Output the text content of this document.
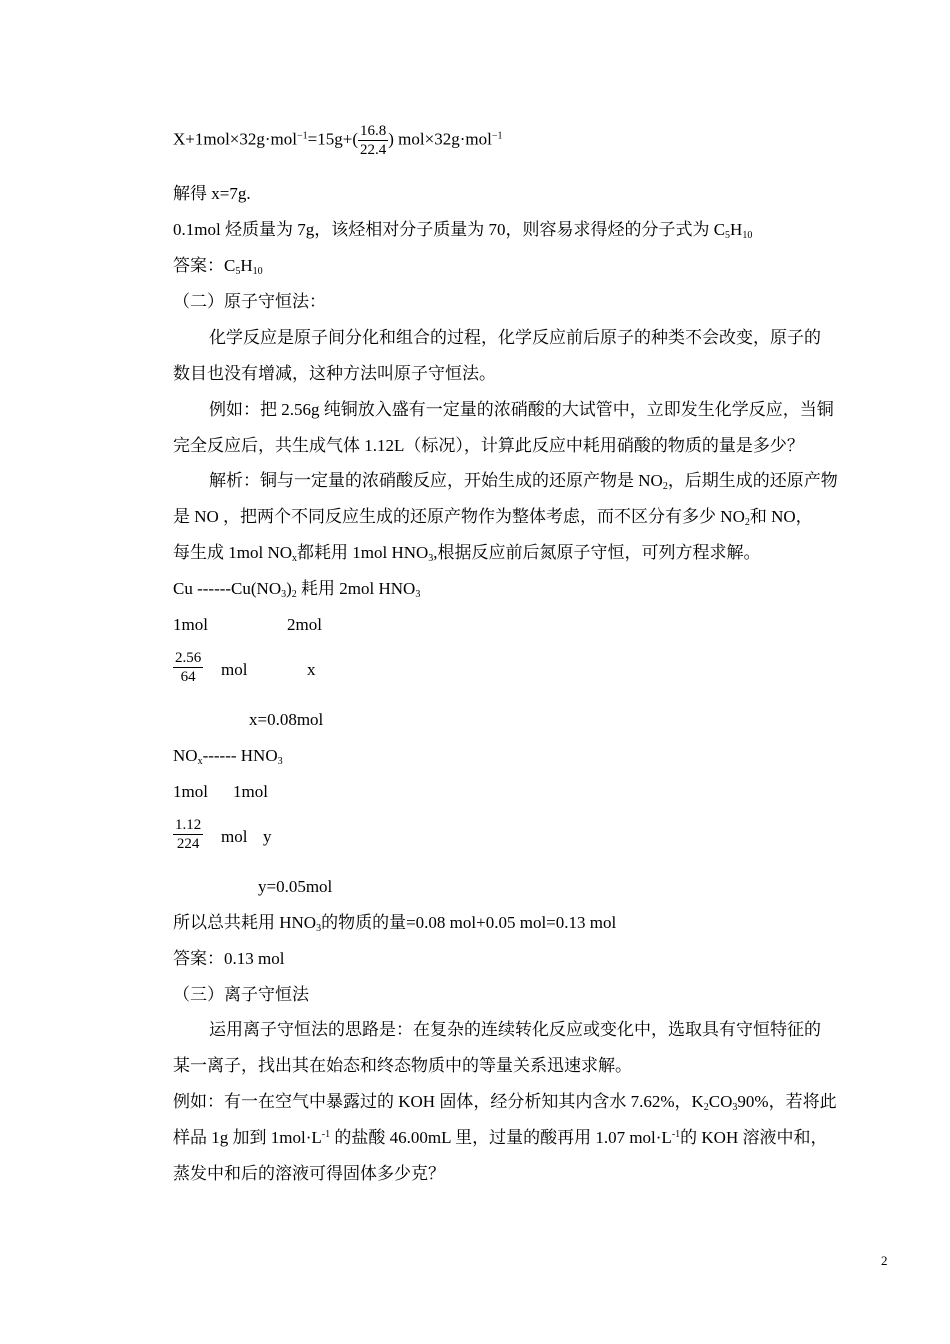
$X+1mol\times 32g\cdot mol^{-1}=15g+( \frac{16.8}{22.4}$ ) mol×32g·mol$^{-1}$
解得 x=7g.
0.1mol 烃质量为 7g，该烃相对分子质量为 70，则容易求得烃的分子式为 $C_5H_{10}$
答案：$C_5H_{10}$
（二）原子守恒法：
化学反应是原子间分化和组合的过程，化学反应前后原子的种类不会改变，原子的
数目也没有增减，这种方法叫原子守恒法。
例如：把 2.56g 纯铜放入盛有一定量的浓硝酸的大试管中，立即发生化学反应，当铜
完全反应后，共生成气体 1.12L（标况），计算此反应中耗用硝酸的物质的量是多少？
解析：铜与一定量的浓硝酸反应，开始生成的还原产物是 $NO_2$，后期生成的还原产物
是 NO ，把两个不同反应生成的还原产物作为整体考虑，而不区分有多少 $NO_2$和 NO，
每生成 1mol $NO_x$都耗用 1mol $HNO_3$,根据反应前后氮原子守恒，可列方程求解。
Cu $------Cu(NO_3)_2$ 耗用 2mol $HNO_3$
1mol	2mol
$\frac{2.56}{64}$ mol	x
x=0.08mol
$NO_x------$ $HNO_3$
1mol 1mol
$\frac{1.12}{224}$ mol y
y=0.05mol
所以总共耗用 $HNO_3$的物质的量=0.08 mol+0.05 mol=0.13 mol
答案：0.13 mol
（三）离子守恒法
运用离子守恒法的思路是：在复杂的连续转化反应或变化中，选取具有守恒特征的
某一离子，找出其在始态和终态物质中的等量关系迅速求解。
例如：有一在空气中暴露过的 KOH 固体，经分析知其内含水 7.62%，$K_2CO_390\%$，若将此
样品 1g 加到 $1mol\cdot L^{-1}$ 的盐酸 46.00mL 里，过量的酸再用 1.07 $mol\cdot L^{-1}$的 KOH 溶液中和，
蒸发中和后的溶液可得固体多少克？
2
